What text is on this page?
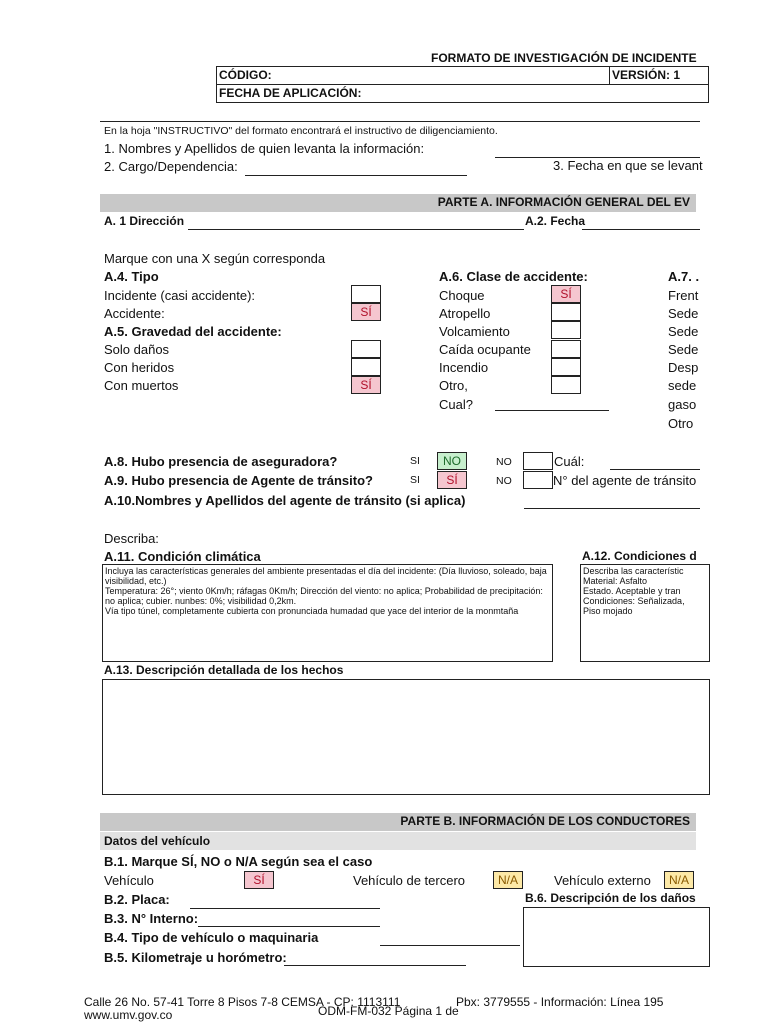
FORMATO DE INVESTIGACIÓN DE INCIDENTE
CÓDIGO:	VERSIÓN: 1
FECHA DE APLICACIÓN:
En la hoja "INSTRUCTIVO" del formato encontrará el instructivo de diligenciamiento.
1. Nombres y Apellidos de quien levanta la información:
2. Cargo/Dependencia:	3. Fecha en que se levant
PARTE A. INFORMACIÓN GENERAL DEL EV
A. 1 Dirección	A.2. Fecha
Marque con una X según corresponda
A.4. Tipo
Incidente (casi accidente):
Accidente:	SÍ
A.5. Gravedad del accidente:
Solo daños
Con heridos
Con muertos	SÍ
A.6. Clase de accidente:
Choque	SÍ
Atropello
Volcamiento
Caída ocupante
Incendio
Otro,
Cual?
A.7. .
Frent
Sede
Sede
Sede
Desp
sede
gaso
Otro
A.8. Hubo presencia de aseguradora?	SI	NO	NO	Cuál:
A.9. Hubo presencia de Agente de tránsito?	SI	SÍ	NO	N° del agente de tránsito
A.10.Nombres y Apellidos del agente de tránsito (si aplica)
Describa:
A.11. Condición climática
Incluya las características generales del ambiente presentadas el día del incidente: (Día lluvioso, soleado, baja visibilidad, etc.)
Temperatura: 26°; viento 0Km/h; ráfagas 0Km/h; Dirección del viento: no aplica; Probabilidad de precipitación: no aplica; cubier. nunbes: 0%; visibilidad 0,2km.
Vía tipo túnel, completamente cubierta con pronunciada humadad que yace del interior de la monmtaña
A.12. Condiciones d
Describa las característic
Material: Asfalto
Estado. Aceptable y tran
Condiciones: Señalizada,
Piso mojado
A.13. Descripción detallada de los hechos
PARTE B. INFORMACIÓN DE LOS CONDUCTORES
Datos del vehículo
B.1. Marque SÍ, NO o N/A según sea el caso
Vehículo	SÍ	Vehículo de tercero	N/A	Vehículo externo	N/A
B.2. Placa:
B.3. N° Interno:
B.4. Tipo de vehículo o maquinaria
B.5. Kilometraje u horómetro:
B.6. Descripción de los daños
Calle 26 No. 57-41 Torre 8 Pisos 7-8 CEMSA - CP: 1113111	Pbx: 3779555 - Información: Línea 195
www.umv.gov.co	ODM-FM-032 Página 1 de
